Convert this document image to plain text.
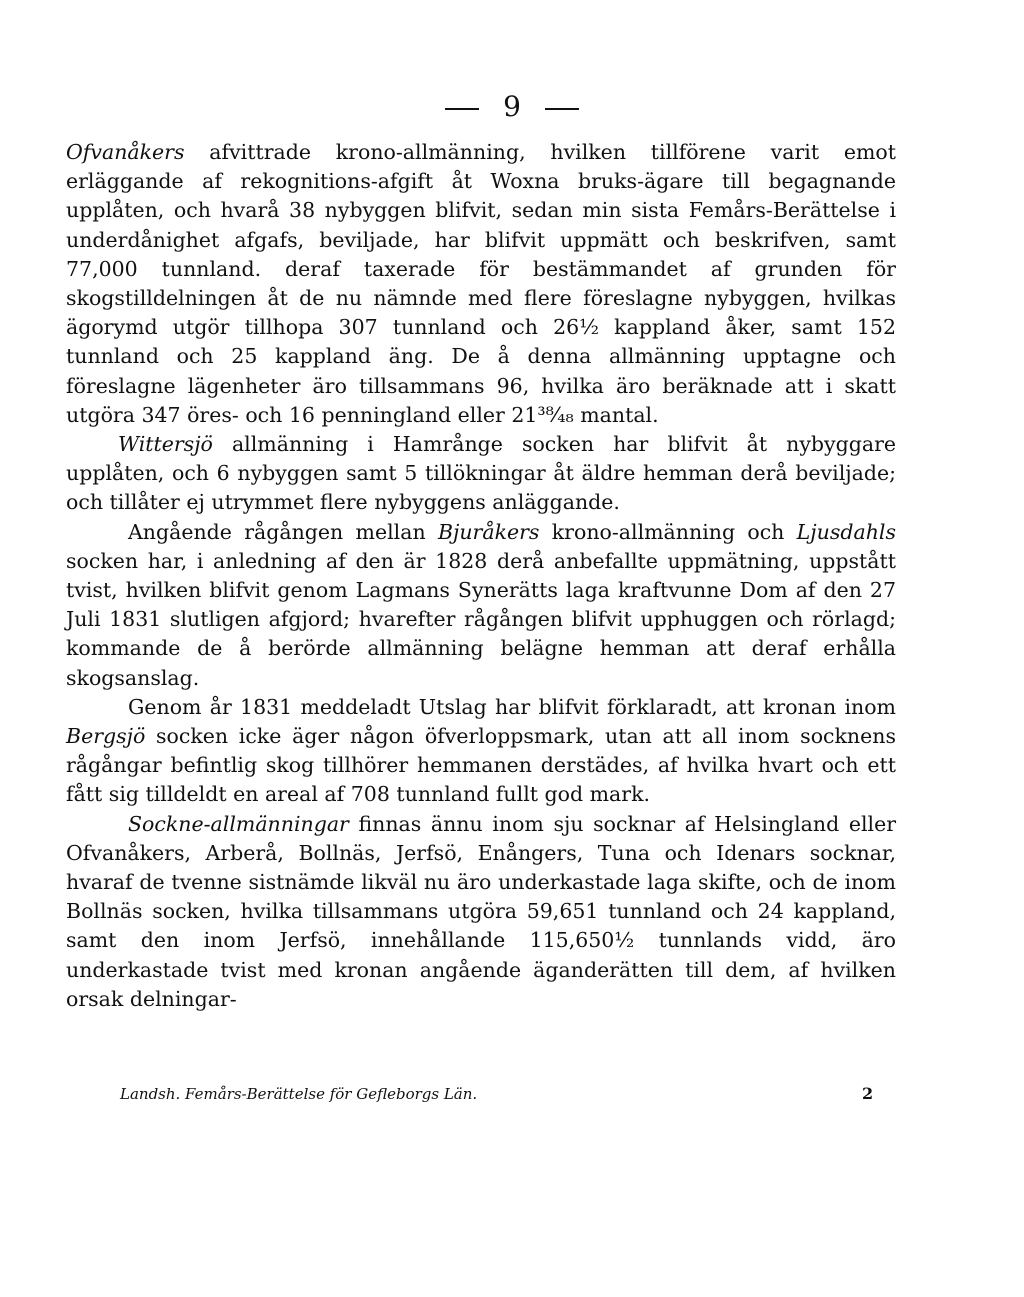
9

Ofvanåkers afvittrade krono-allmänning, hvilken tillförene varit emot erläggande af rekognitions-afgift åt Woxna bruks-ägare till begagnande upplåten, och hvarå 38 nybyggen blifvit, sedan min sista Femårs-Berättelse i underdånighet afgafs, beviljade, har blifvit uppmätt och beskrifven, samt 77,000 tunnland. deraf taxerade för bestämmandet af grunden för skogstilldelningen åt de nu nämnde med flere föreslagne nybyggen, hvilkas ägorymd utgör tillhopa 307 tunnland och 26½ kappland åker, samt 152 tunnland och 25 kappland äng. De å denna allmänning upptagne och föreslagne lägenheter äro tillsammans 96, hvilka äro beräknade att i skatt utgöra 347 öres- och 16 penningland eller 21³⁸⁄₄₈ mantal.

Wittersjö allmänning i Hamrånge socken har blifvit åt nybyggare upplåten, och 6 nybyggen samt 5 tillökningar åt äldre hemman derå beviljade; och tillåter ej utrymmet flere nybyggens anläggande.

Angående rågången mellan Bjuråkers krono-allmänning och Ljusdahls socken har, i anledning af den är 1828 derå anbefallte uppmätning, uppstått tvist, hvilken blifvit genom Lagmans Synerätts laga kraftvunne Dom af den 27 Juli 1831 slutligen afgjord; hvarefter rågången blifvit upphuggen och rörlagd; kommande de å berörde allmänning belägne hemman att deraf erhålla skogsanslag.

Genom år 1831 meddeladt Utslag har blifvit förklaradt, att kronan inom Bergsjö socken icke äger någon öfverloppsmark, utan att all inom socknens rågångar befintlig skog tillhörer hemmanen derstädes, af hvilka hvart och ett fått sig tilldeldt en areal af 708 tunnland fullt god mark.

Sockne-allmänningar finnas ännu inom sju socknar af Helsingland eller Ofvanåkers, Arberå, Bollnäs, Jerfsö, Enångers, Tuna och Idenars socknar, hvaraf de tvenne sistnämde likväl nu äro underkastade laga skifte, och de inom Bollnäs socken, hvilka tillsammans utgöra 59,651 tunnland och 24 kappland, samt den inom Jerfsö, innehållande 115,650½ tunnlands vidd, äro underkastade tvist med kronan angående äganderätten till dem, af hvilken orsak delningar-

Landsh. Femårs-Berättelse för Gefleborgs Län.	2
